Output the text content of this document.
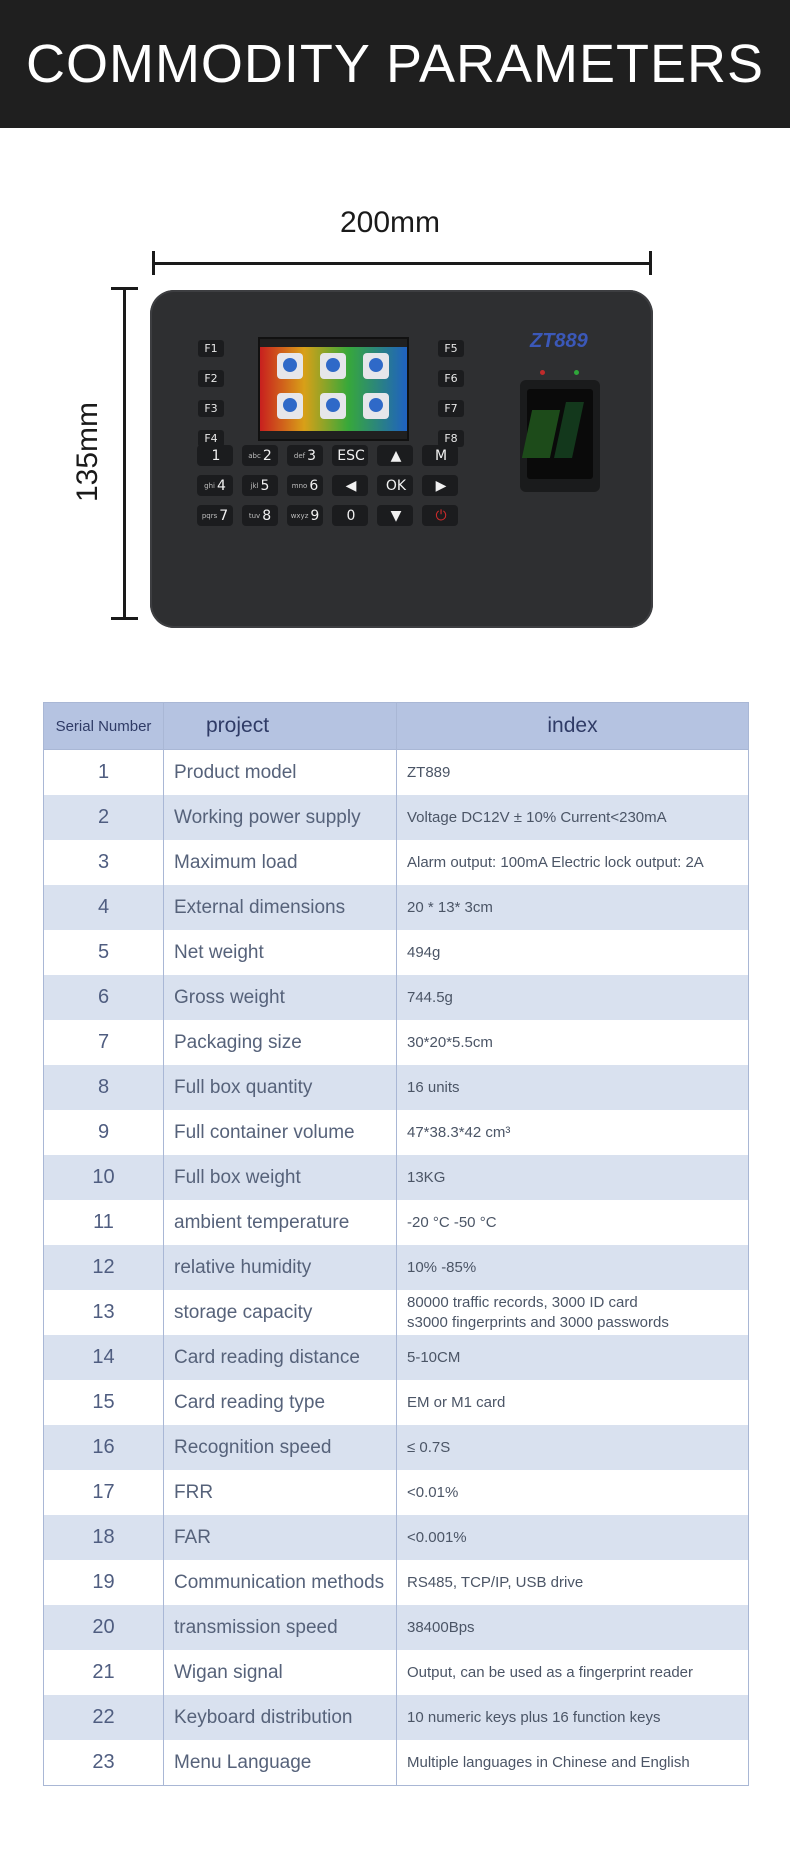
COMMODITY PARAMETERS
200mm
135mm
F1
F2
F3
F4
F5
F6
F7
F8
ZT889
1	abc 2	def 3 ESC ▲ M
ghi 4	jkl 5	mno 6 ◀ OK ▶
pqrs 7	tuv 8	wxyz 9 0	▼ ⏻
Serial Number	project	index
1	Product model	ZT889
2	Working power supply	Voltage DC12V ± 10% Current<230mA
3	Maximum load	Alarm output: 100mA Electric lock output: 2A
4	External dimensions	20 * 13* 3cm
5	Net weight	494g
6	Gross weight	744.5g
7	Packaging size	30*20*5.5cm
8	Full box quantity	16 units
9	Full container volume	47*38.3*42 cm³
10	Full box weight	13KG
11	ambient temperature	-20 °C -50 °C
12	relative humidity	10% -85%
13	storage capacity	80000 traffic records, 3000 ID card
s3000 fingerprints and 3000 passwords

14	Card reading distance	5-10CM
15	Card reading type	EM or M1 card
16	Recognition speed	≤ 0.7S
17	FRR	<0.01%
18	FAR	<0.001%
19	Communication methods	RS485, TCP/IP, USB drive
20	transmission speed	38400Bps
21	Wigan signal	Output, can be used as a fingerprint reader
22	Keyboard distribution	10 numeric keys plus 16 function keys
23	Menu Language	Multiple languages in Chinese and English
